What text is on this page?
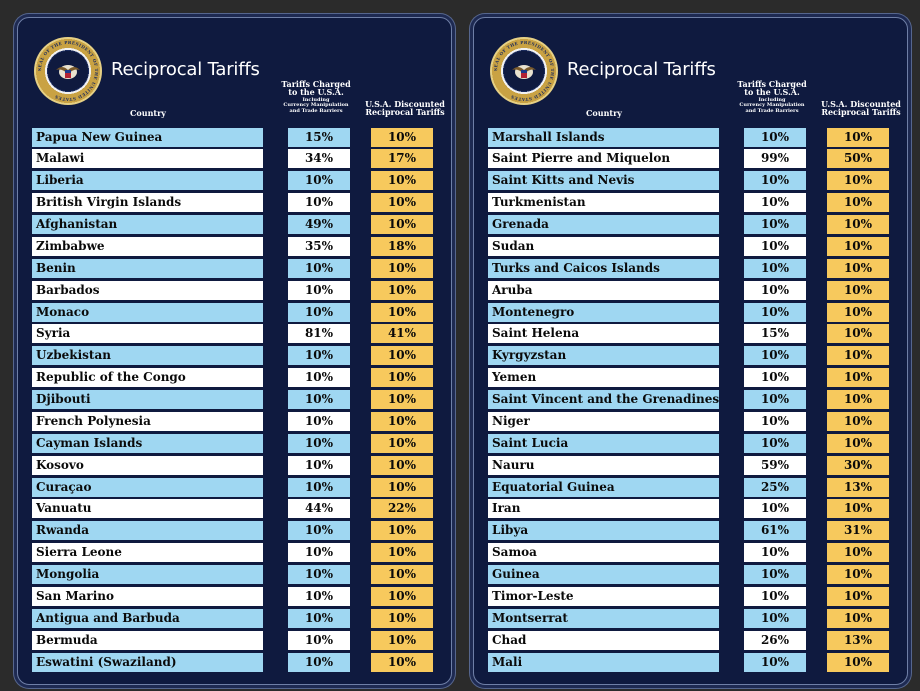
SEAL OF THE PRESIDENT OF THE UNITED STATES
Reciprocal Tariffs
Tariffs Charged
to the U.S.A.
Including
Currency Manipulation
and Trade Barriers
U.S.A. Discounted
Reciprocal Tariffs
Country
Papua New Guinea	15%	10%
Malawi	34%	17%
Liberia	10%	10%
British Virgin Islands	10%	10%
Afghanistan	49%	10%
Zimbabwe	35%	18%
Benin	10%	10%
Barbados	10%	10%
Monaco	10%	10%
Syria	81%	41%
Uzbekistan	10%	10%
Republic of the Congo	10%	10%
Djibouti	10%	10%
French Polynesia	10%	10%
Cayman Islands	10%	10%
Kosovo	10%	10%
Curaçao	10%	10%
Vanuatu	44%	22%
Rwanda	10%	10%
Sierra Leone	10%	10%
Mongolia	10%	10%
San Marino	10%	10%
Antigua and Barbuda	10%	10%
Bermuda	10%	10%
Eswatini (Swaziland)	10%	10%
SEAL OF THE PRESIDENT OF THE UNITED STATES
Reciprocal Tariffs
Tariffs Charged
to the U.S.A.
Including
Currency Manipulation
and Trade Barriers
U.S.A. Discounted
Reciprocal Tariffs
Country
Marshall Islands	10%	10%
Saint Pierre and Miquelon	99%	50%
Saint Kitts and Nevis	10%	10%
Turkmenistan	10%	10%
Grenada	10%	10%
Sudan	10%	10%
Turks and Caicos Islands	10%	10%
Aruba	10%	10%
Montenegro	10%	10%
Saint Helena	15%	10%
Kyrgyzstan	10%	10%
Yemen	10%	10%
Saint Vincent and the Grenadines	10%	10%
Niger	10%	10%
Saint Lucia	10%	10%
Nauru	59%	30%
Equatorial Guinea	25%	13%
Iran	10%	10%
Libya	61%	31%
Samoa	10%	10%
Guinea	10%	10%
Timor-Leste	10%	10%
Montserrat	10%	10%
Chad	26%	13%
Mali	10%	10%
